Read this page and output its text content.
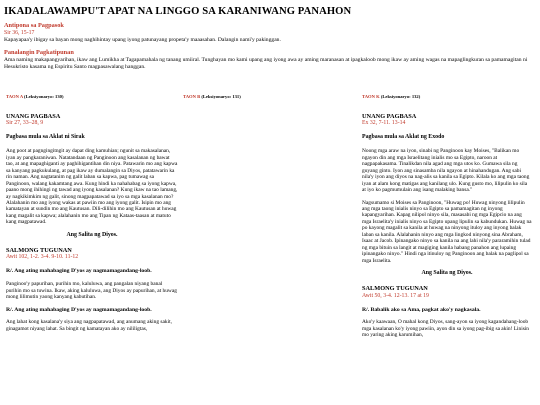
IKADALAWAMPU'T APAT NA LINGGO SA KARANIWANG PANAHON
Antipona sa Pagpasok
Sir 36, 15-17
Kapayapaa'y ibigay sa bayan mong naghihintay upang iyong patunayang propeta'y maaasahan. Dalangin nami'y pakinggan.
Panalangin Pagkatipunan
Ama naming makapangyarihan, ikaw ang Lumikha at Tagapamahala ng tanang umiiral. Tunghayan mo kami upang ang iyong awa ay aming maranasan at ipagkaloob mong ikaw ay aming wagas na mapaglingkuran sa pamamagitan ni Hesukristo kasama ng Espiritu Santo magpasawalang hanggan.
TAON A (Leksiyonaryo: 130)
UNANG PAGBASA
Sir 27, 33–28, 9
Pagbasa mula sa Aklat ni Sirak
Ang poot at pagngingitngit ay dapat ding kamuhian; ngunit sa makasalanan, iyan ay pangkaraniwan. Natatandaan ng Panginoon ang kasalanan ng bawat tao, at ang mapaghiganti ay paghihigantihan din niya. Patawarin mo ang kapwa sa kanyang pagkukulang, at pag ikaw ay dumalangin sa Diyos, patatawarin ka rin naman. Ang nagtatanim ng galit laban sa kapwa, pag tumawag sa Panginoon, walang kakamtang awa. Kung hindi ka nahahabag sa iyong kapwa, paano mong ihihingi ng tawad ang iyong kasalanan? Kung ikaw na tao lamang, ay nagkikimkim ng galit, sinong magpapatawad sa iyo sa mga kasalanan mo? Alalahanin mo ang iyong wakas at pawiin mo ang iyong galit. Isipin mo ang kamatayan at sundin mo ang Kautusan. Dili-dilihin mo ang Kautusan at huwag kang magalit sa kapwa; alalahanin mo ang Tipan ng Kataas-taasan at matuto kang magpatawad.
Ang Salita ng Diyos.
SALMONG TUGUNAN
Awit 102, 1-2. 3-4. 9-10. 11-12
R/. Ang ating mahabaging D'yos ay nagmamagandang-loob.
Panginoo'y papurihan, purihin mo, kaluluwa, ang pangalan niyang banal purihin mo sa tuwina. Ikaw, aking kaluluwa, ang Diyos ay papurihan, at huwag mong lilimutin yaong kanyang kabutihan.
R/. Ang ating mahabaging D'yos ay nagmamagandang-loob.
Ang lahat kong kasalana'y siya ang nagpapatawad, ang anumang aking sakit, ginagamot niyang lahat. Sa bingit ng kamatayan ako ay nililigtas,
TAON B (Leksiyonaryo: 131)	TAON K (Leksiyonaryo: 132)
UNANG PAGBASA
Ex 32, 7-11. 13-14
Pagbasa mula sa Aklat ng Exodo
Noong mga araw na iyon, sinabi ng Panginoon kay Moises, "Balikan mo ngayon din ang mga Israelitang inialis mo sa Egipto, naroon at nagpapakasama. Tinalikdan nila agad ang mga utos ko. Gumawa sila ng guyang ginto. Iyon ang sinasamba nila ngayon at hinahandugan. Ang sabi nila'y iyon ang diyos na nag-alis sa kanila sa Egipto. Kilala ko ang mga taong iyan at alam kong matigas ang kanilang ulo. Kung gusto mo, lilipulin ko sila at iyo ko pagmumulain ang isang malaking bansa."
Nagsumamo si Moises sa Panginoon, "Huwag po! Huwag ninyong lilipulin ang mga taong inialis ninyo sa Egipto sa pamamagitan ng inyong kapangyarihan. Kapag nilipol ninyo sila, masasabi ng mga Egipcio na ang mga Israelita'y inialis ninyo sa Egipto upang lipulin sa kabundukan. Huwag na po kayong magalit sa kanila at huwag na ninyong ituloy ang inyong balak laban sa kanila. Alalahanin ninyo ang mga lingkod ninyong sina Abraham, Isaac at Jacob. Ipinangako ninyo sa kanila na ang lahi nila'y pararamihin tulad ng mga bituin sa langit at magiging kanila habang panahon ang lupaing ipinangako ninyo." Hindi nga itinuloy ng Panginoon ang balak na paglipol sa mga Israelita.
Ang Salita ng Diyos.
SALMONG TUGUNAN
Awit 50, 3-4. 12-13. 17 at 19
R/. Babalik ako sa Ama, pagkat ako'y nagkasala.
Ako'y kaawaan, O mahal kong Diyos, sang-ayon sa iyong kagandahang-loob mga kasalanan ko'y iyong pawiin, ayon din sa iyong pag-ibig sa akin! Linisin mo yaring aking karumihan,
